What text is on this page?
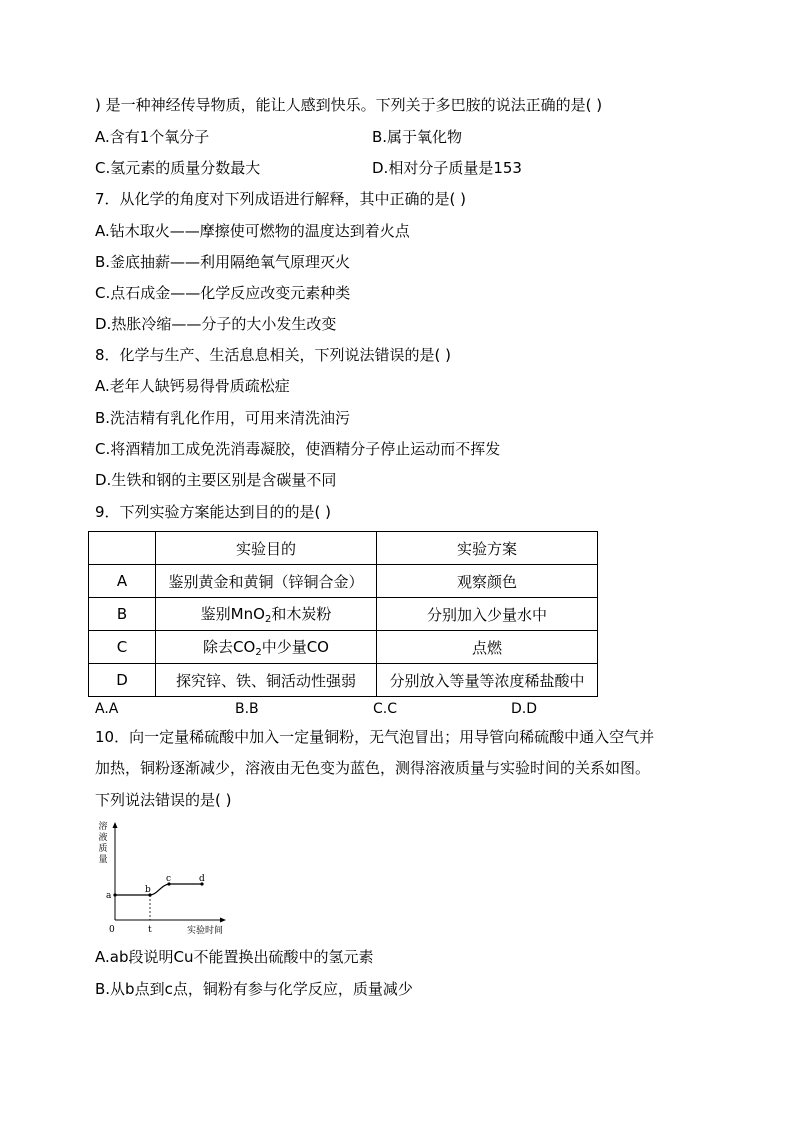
) 是一种神经传导物质，能让人感到快乐。下列关于多巴胺的说法正确的是( )
A.含有1个氧分子	B.属于氧化物
C.氢元素的质量分数最大	D.相对分子质量是153
7．从化学的角度对下列成语进行解释，其中正确的是( )
A.钻木取火——摩擦使可燃物的温度达到着火点
B.釜底抽薪——利用隔绝氧气原理灭火
C.点石成金——化学反应改变元素种类
D.热胀冷缩——分子的大小发生改变
8．化学与生产、生活息息相关，下列说法错误的是( )
A.老年人缺钙易得骨质疏松症
B.洗洁精有乳化作用，可用来清洗油污
C.将酒精加工成免洗消毒凝胶，使酒精分子停止运动而不挥发
D.生铁和钢的主要区别是含碳量不同
9．下列实验方案能达到目的的是( )
	实验目的	实验方案
A	鉴别黄金和黄铜（锌铜合金）	观察颜色
B	鉴别MnO$_2$和木炭粉	分别加入少量水中
C	除去$CO_2$中少量CO	点燃
D	探究锌、铁、铜活动性强弱	分别放入等量等浓度稀盐酸中
A.A	B.B	C.C	D.D
10．向一定量稀硫酸中加入一定量铜粉，无气泡冒出；用导管向稀硫酸中通入空气并
加热，铜粉逐渐减少，溶液由无色变为蓝色，测得溶液质量与实验时间的关系如图。
下列说法错误的是( )
溶
液
质
量
a
b
c	d
0	t	实验时间
A.ab段说明Cu不能置换出硫酸中的氢元素
B.从b点到c点，铜粉有参与化学反应，质量减少
